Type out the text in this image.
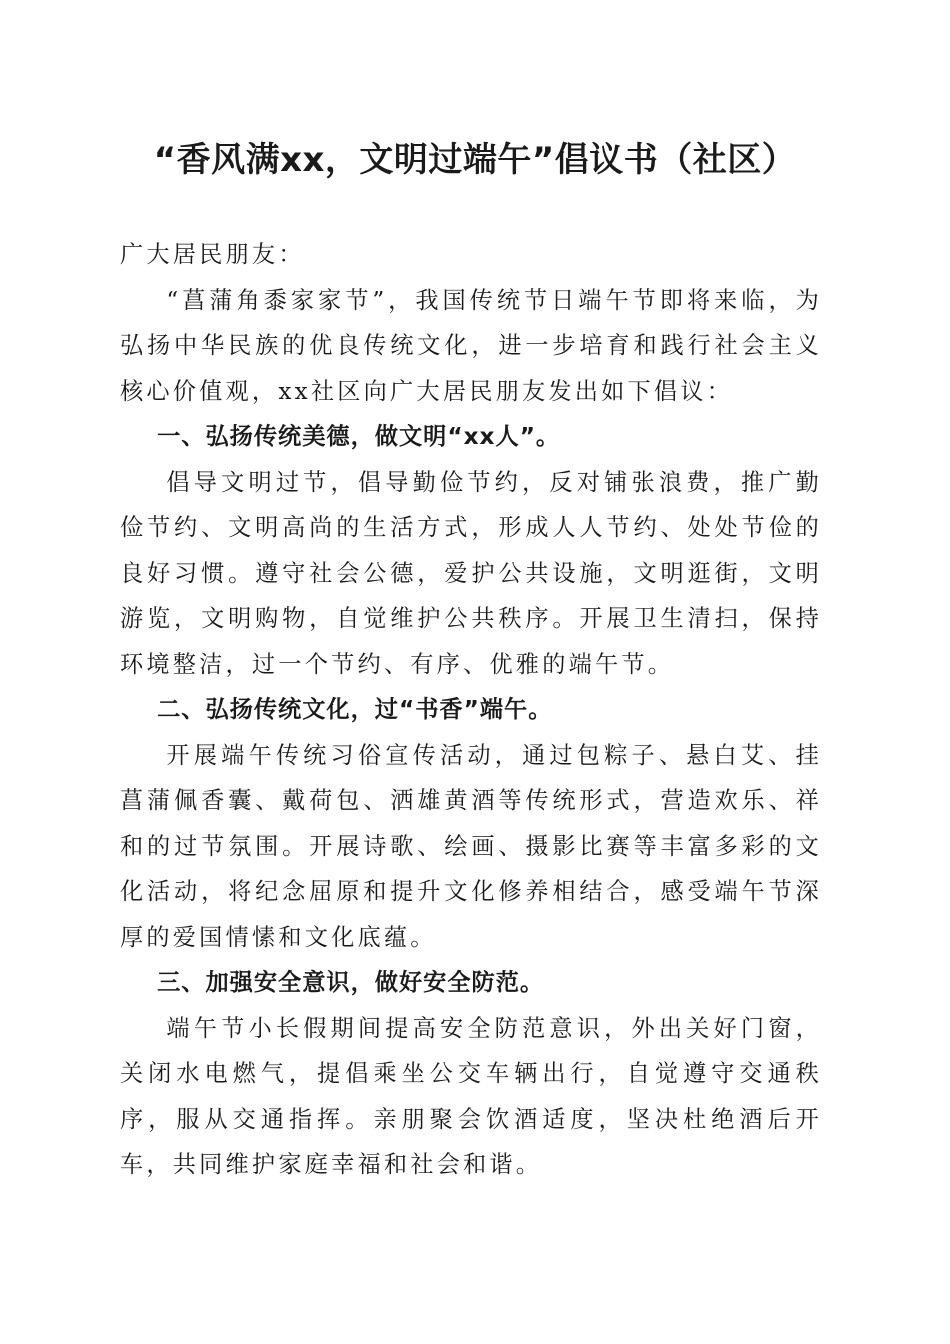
“香风满xx，文明过端午”倡议书（社区）

广大居民朋友：

“菖蒲角黍家家节”，我国传统节日端午节即将来临，为弘扬中华民族的优良传统文化，进一步培育和践行社会主义核心价值观，xx社区向广大居民朋友发出如下倡议：

一、弘扬传统美德，做文明“xx人”。

倡导文明过节，倡导勤俭节约，反对铺张浪费，推广勤俭节约、文明高尚的生活方式，形成人人节约、处处节俭的良好习惯。遵守社会公德，爱护公共设施，文明逛街，文明游览，文明购物，自觉维护公共秩序。开展卫生清扫，保持环境整洁，过一个节约、有序、优雅的端午节。

二、弘扬传统文化，过“书香”端午。

开展端午传统习俗宣传活动，通过包粽子、悬白艾、挂菖蒲佩香囊、戴荷包、洒雄黄酒等传统形式，营造欢乐、祥和的过节氛围。开展诗歌、绘画、摄影比赛等丰富多彩的文化活动，将纪念屈原和提升文化修养相结合，感受端午节深厚的爱国情愫和文化底蕴。

三、加强安全意识，做好安全防范。

端午节小长假期间提高安全防范意识，外出关好门窗，关闭水电燃气，提倡乘坐公交车辆出行，自觉遵守交通秩序，服从交通指挥。亲朋聚会饮酒适度，坚决杜绝酒后开车，共同维护家庭幸福和社会和谐。
